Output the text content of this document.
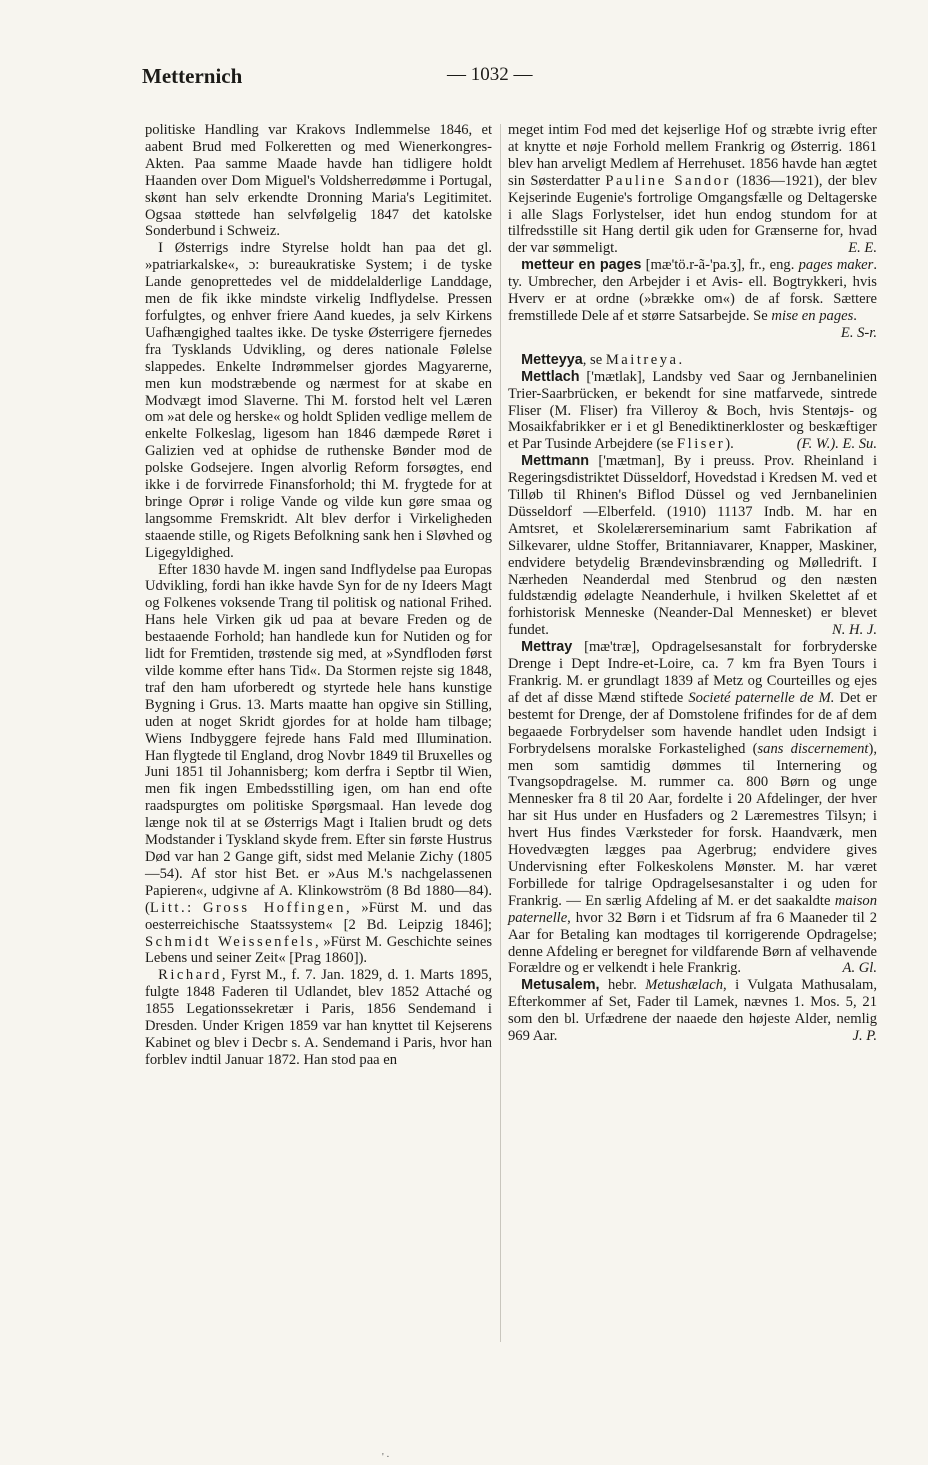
Metternich	— 1032 —

politiske Handling var Krakovs Indlemmelse 1846, et aabent Brud med Folkeretten og med Wienerkongres-Akten. Paa samme Maade havde han tidligere holdt Haanden over Dom Miguel's Voldsherredømme i Portugal, skønt han selv erkendte Dronning Maria's Legitimitet. Ogsaa støttede han selvfølgelig 1847 det katolske Sonderbund i Schweiz.

I Østerrigs indre Styrelse holdt han paa det gl. »patriarkalske«, ɔ: bureaukratiske System; i de tyske Lande genoprettedes vel de middelalderlige Landdage, men de fik ikke mindste virkelig Indflydelse. Pressen forfulgtes, og enhver friere Aand kuedes, ja selv Kirkens Uafhængighed taaltes ikke. De tyske Østerrigere fjernedes fra Tysklands Udvikling, og deres nationale Følelse slappedes. Enkelte Indrømmelser gjordes Magyarerne, men kun modstræbende og nærmest for at skabe en Modvægt imod Slaverne. Thi M. forstod helt vel Læren om »at dele og herske« og holdt Spliden vedlige mellem de enkelte Folkeslag, ligesom han 1846 dæmpede Røret i Galizien ved at ophidse de ruthenske Bønder mod de polske Godsejere. Ingen alvorlig Reform forsøgtes, end ikke i de forvirrede Finansforhold; thi M. frygtede for at bringe Oprør i rolige Vande og vilde kun gøre smaa og langsomme Fremskridt. Alt blev derfor i Virkeligheden staaende stille, og Rigets Befolkning sank hen i Sløvhed og Ligegyldighed.

Efter 1830 havde M. ingen sand Indflydelse paa Europas Udvikling, fordi han ikke havde Syn for de ny Ideers Magt og Folkenes voksende Trang til politisk og national Frihed. Hans hele Virken gik ud paa at bevare Freden og de bestaaende Forhold; han handlede kun for Nutiden og for lidt for Fremtiden, trøstende sig med, at »Syndfloden først vilde komme efter hans Tid«. Da Stormen rejste sig 1848, traf den ham uforberedt og styrtede hele hans kunstige Bygning i Grus. 13. Marts maatte han opgive sin Stilling, uden at noget Skridt gjordes for at holde ham tilbage; Wiens Indbyggere fejrede hans Fald med Illumination. Han flygtede til England, drog Novbr 1849 til Bruxelles og Juni 1851 til Johannisberg; kom derfra i Septbr til Wien, men fik ingen Embedsstilling igen, om han end ofte raadspurgtes om politiske Spørgsmaal. Han levede dog længe nok til at se Østerrigs Magt i Italien brudt og dets Modstander i Tyskland skyde frem. Efter sin første Hustrus Død var han 2 Gange gift, sidst med Melanie Zichy (1805—54). Af stor hist Bet. er »Aus M.'s nachgelassenen Papieren«, udgivne af A. Klinkowström (8 Bd 1880—84). (Litt.: Gross Hoffingen, »Fürst M. und das oesterreichische Staatssystem« [2 Bd. Leipzig 1846]; Schmidt Weissenfels, »Fürst M. Geschichte seines Lebens und seiner Zeit« [Prag 1860]).

Richard, Fyrst M., f. 7. Jan. 1829, d. 1. Marts 1895, fulgte 1848 Faderen til Udlandet, blev 1852 Attaché og 1855 Legationssekretær i Paris, 1856 Sendemand i Dresden. Under Krigen 1859 var han knyttet til Kejserens Kabinet og blev i Decbr s. A. Sendemand i Paris, hvor han forblev indtil Januar 1872. Han stod paa en

meget intim Fod med det kejserlige Hof og stræbte ivrig efter at knytte et nøje Forhold mellem Frankrig og Østerrig. 1861 blev han arveligt Medlem af Herrehuset. 1856 havde han ægtet sin Søsterdatter Pauline Sandor (1836—1921), der blev Kejserinde Eugenie's fortrolige Omgangsfælle og Deltagerske i alle Slags Forlystelser, idet hun endog stundom for at tilfredsstille sit Hang dertil gik uden for Grænserne for, hvad der var sømmeligt.	E. E.

metteur en pages [mæ'tö.r-ã-'pa.ʒ], fr., eng. pages maker. ty. Umbrecher, den Arbejder i et Avis- ell. Bogtrykkeri, hvis Hverv er at ordne (»brække om«) de af forsk. Sættere fremstillede Dele af et større Satsarbejde. Se mise en pages.
E. S-r.
Metteyya, se Maitreya.
Mettlach ['mætlak], Landsby ved Saar og Jernbanelinien Trier-Saarbrücken, er bekendt for sine matfarvede, sintrede Fliser (M. Fliser) fra Villeroy & Boch, hvis Stentøjs- og Mosaikfabrikker er i et gl Benediktinerkloster og beskæftiger et Par Tusinde Arbejdere (se Fliser).	(F. W.). E. Su.
Mettmann ['mætman], By i preuss. Prov. Rheinland i Regeringsdistriktet Düsseldorf, Hovedstad i Kredsen M. ved et Tilløb til Rhinen's Biflod Düssel og ved Jernbanelinien Düsseldorf —Elberfeld. (1910) 11137 Indb. M. har en Amtsret, et Skolelærerseminarium samt Fabrikation af Silkevarer, uldne Stoffer, Britanniavarer, Knapper, Maskiner, endvidere betydelig Brændevinsbrænding og Mølledrift. I Nærheden Neanderdal med Stenbrud og den næsten fuldstændig ødelagte Neanderhule, i hvilken Skelettet af et forhistorisk Menneske (Neander-Dal Mennesket) er blevet fundet.	N. H. J.
Mettray [mæ'træ], Opdragelsesanstalt for forbryderske Drenge i Dept Indre-et-Loire, ca. 7 km fra Byen Tours i Frankrig. M. er grundlagt 1839 af Metz og Courteilles og ejes af det af disse Mænd stiftede Societé paternelle de M. Det er bestemt for Drenge, der af Domstolene frifindes for de af dem begaaede Forbrydelser som havende handlet uden Indsigt i Forbrydelsens moralske Forkastelighed (sans discernement), men som samtidig dømmes til Internering og Tvangsopdragelse. M. rummer ca. 800 Børn og unge Mennesker fra 8 til 20 Aar, fordelte i 20 Afdelinger, der hver har sit Hus under en Husfaders og 2 Læremestres Tilsyn; i hvert Hus findes Værksteder for forsk. Haandværk, men Hovedvægten lægges paa Agerbrug; endvidere gives Undervisning efter Folkeskolens Mønster. M. har været Forbillede for talrige Opdragelsesanstalter i og uden for Frankrig. — En særlig Afdeling af M. er det saakaldte maison paternelle, hvor 32 Børn i et Tidsrum af fra 6 Maaneder til 2 Aar for Betaling kan modtages til korrigerende Opdragelse; denne Afdeling er beregnet for vildfarende Børn af velhavende Forældre og er velkendt i hele Frankrig.	A. Gl.
Metusalem, hebr. Metushælach, i Vulgata Mathusalam, Efterkommer af Set, Fader til Lamek, nævnes 1. Mos. 5, 21 som den bl. Urfædrene der naaede den højeste Alder, nemlig 969 Aar.	J. P.
' ·
